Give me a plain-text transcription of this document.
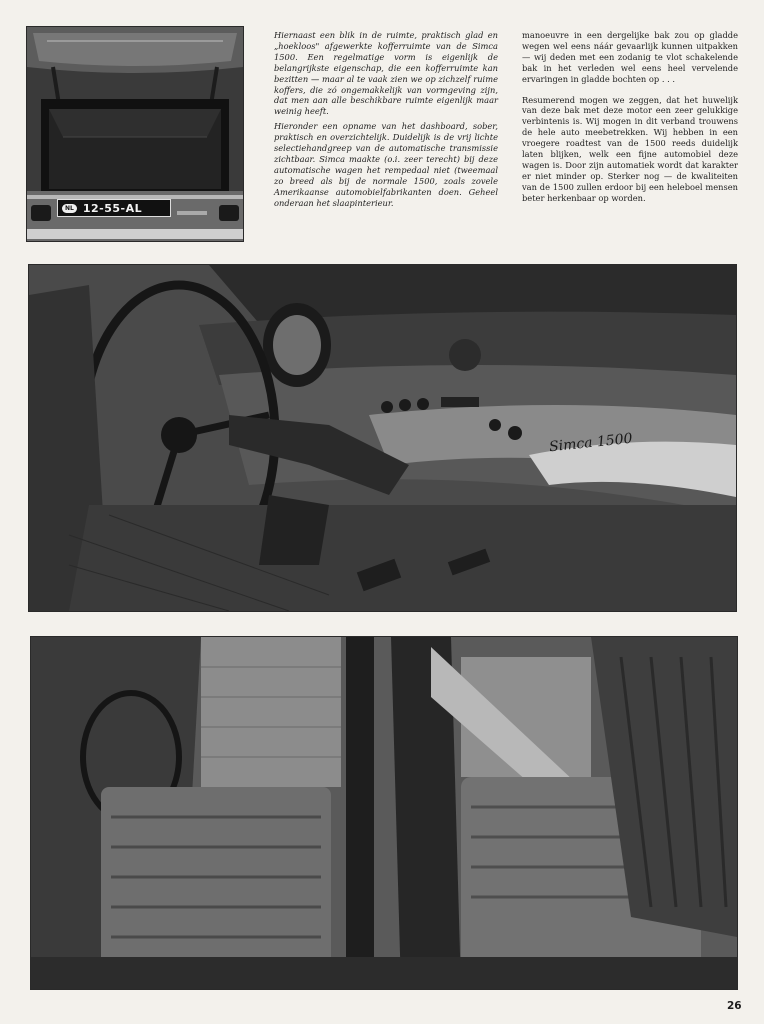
NL 12-55-AL

Hiernaast een blik in de ruimte, praktisch glad en „hoekloos" afgewerkte kofferruimte van de Simca 1500. Een regelmatige vorm is eigenlijk de belangrijkste eigenschap, die een kofferruimte kan bezitten — maar al te vaak zien we op zichzelf ruime koffers, die zó ongemakkelijk van vormgeving zijn, dat men aan alle beschikbare ruimte eigenlijk maar weinig heeft.

Hieronder een opname van het dashboard, sober, praktisch en overzichtelijk. Duidelijk is de vrij lichte selectiehandgreep van de automatische transmissie zichtbaar. Simca maakte (o.i. zeer terecht) bij deze automatische wagen het rempedaal niet (tweemaal zo breed als bij de normale 1500, zoals zovele Amerikaanse automobielfabrikanten doen. Geheel onderaan het slaapinterieur.

manoeuvre in een dergelijke bak zou op gladde wegen wel eens náár gevaarlijk kunnen uitpakken — wij deden met een zodanig te vlot schakelende bak in het verleden wel eens heel vervelende ervaringen in gladde bochten op . . .

Resumerend mogen we zeggen, dat het huwelijk van deze bak met deze motor een zeer gelukkige verbintenis is. Wij mogen in dit verband trouwens de hele auto meebetrekken. Wij hebben in een vroegere roadtest van de 1500 reeds duidelijk laten blijken, welk een fijne automobiel deze wagen is. Door zijn automatiek wordt dat karakter er niet minder op. Sterker nog — de kwaliteiten van de 1500 zullen erdoor bij een heleboel mensen beter herkenbaar op worden.

Simca 1500
26
